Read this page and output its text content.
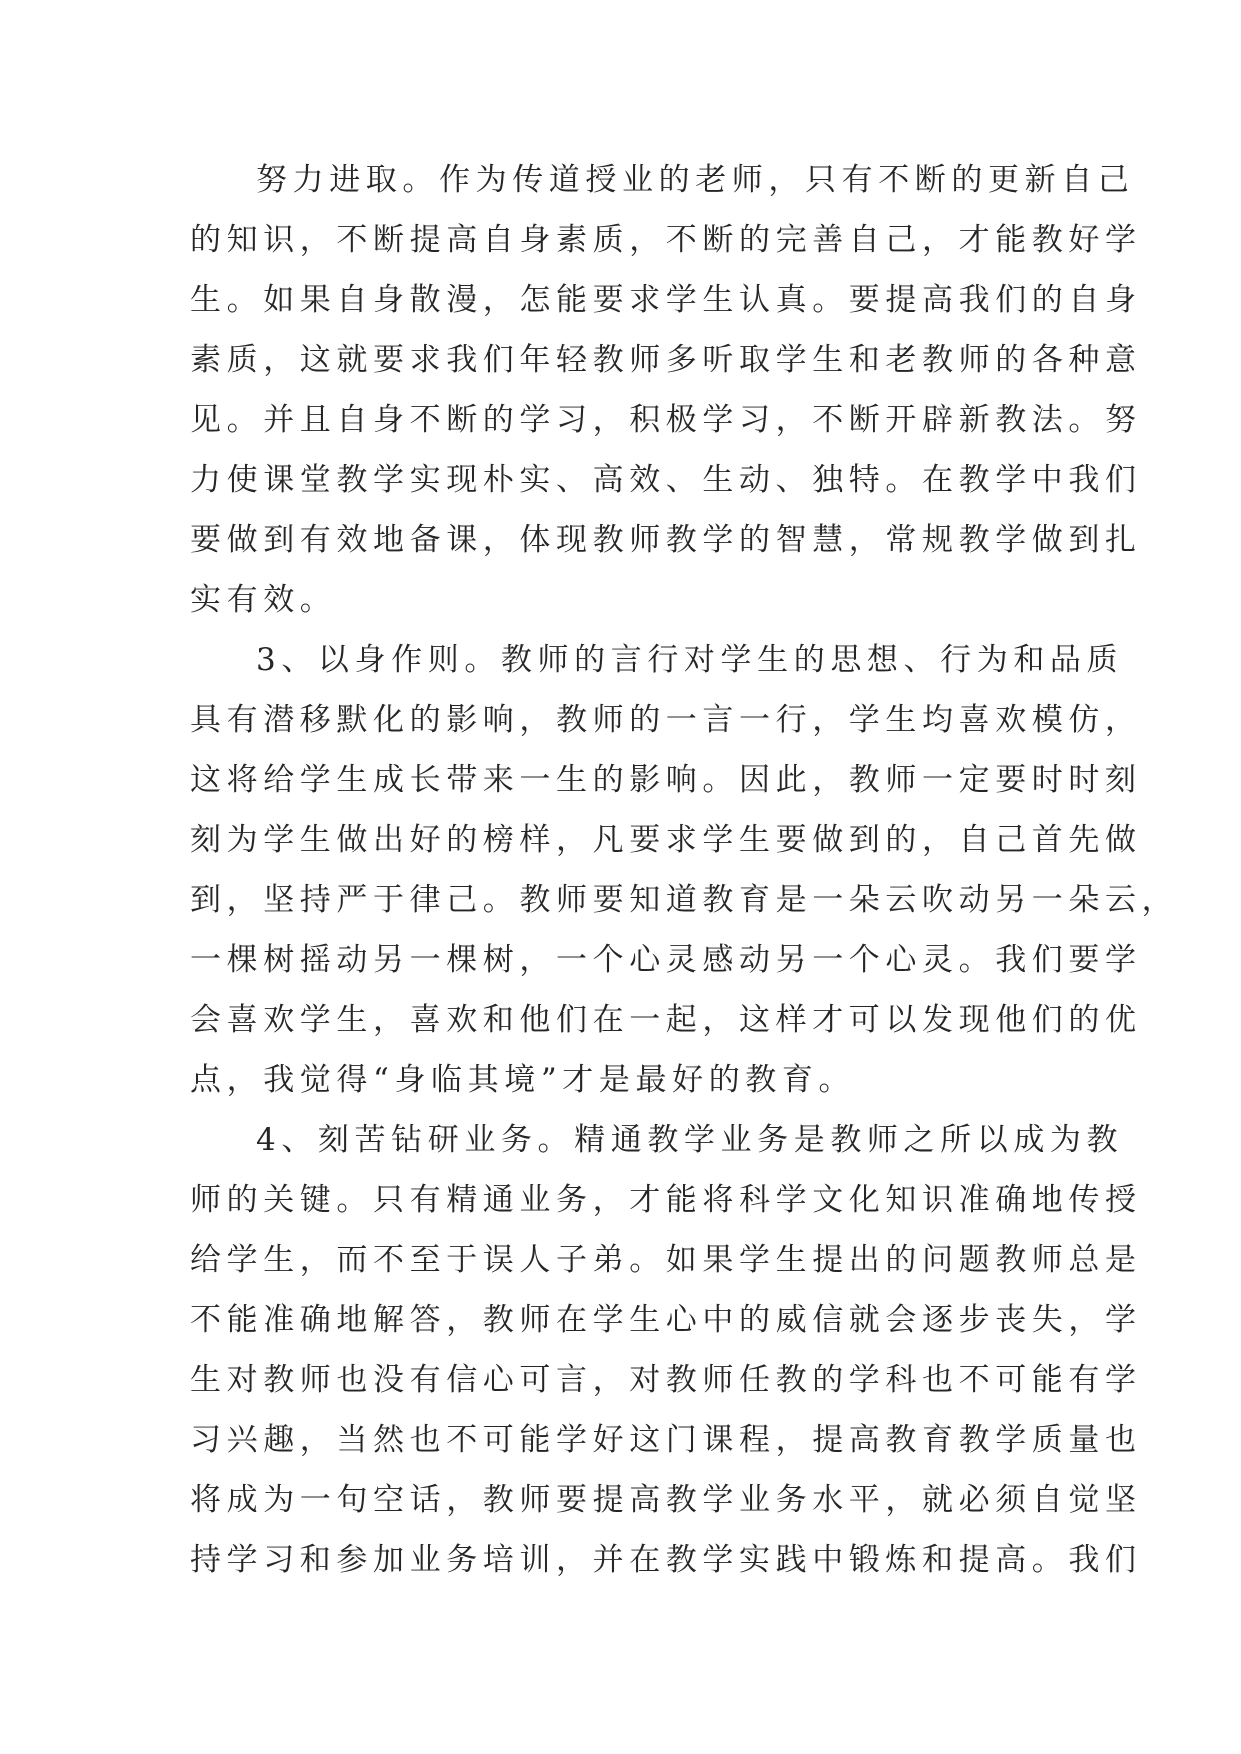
努力进取。作为传道授业的老师，只有不断的更新自己
的知识，不断提高自身素质，不断的完善自己，才能教好学
生。如果自身散漫，怎能要求学生认真。要提高我们的自身
素质，这就要求我们年轻教师多听取学生和老教师的各种意
见。并且自身不断的学习，积极学习，不断开辟新教法。努
力使课堂教学实现朴实、高效、生动、独特。在教学中我们
要做到有效地备课，体现教师教学的智慧，常规教学做到扎
实有效。
3、以身作则。教师的言行对学生的思想、行为和品质
具有潜移默化的影响，教师的一言一行，学生均喜欢模仿，
这将给学生成长带来一生的影响。因此，教师一定要时时刻
刻为学生做出好的榜样，凡要求学生要做到的，自己首先做
到，坚持严于律己。教师要知道教育是一朵云吹动另一朵云，
一棵树摇动另一棵树，一个心灵感动另一个心灵。我们要学
会喜欢学生，喜欢和他们在一起，这样才可以发现他们的优
点，我觉得“身临其境”才是最好的教育。
4、刻苦钻研业务。精通教学业务是教师之所以成为教
师的关键。只有精通业务，才能将科学文化知识准确地传授
给学生，而不至于误人子弟。如果学生提出的问题教师总是
不能准确地解答，教师在学生心中的威信就会逐步丧失，学
生对教师也没有信心可言，对教师任教的学科也不可能有学
习兴趣，当然也不可能学好这门课程，提高教育教学质量也
将成为一句空话，教师要提高教学业务水平，就必须自觉坚
持学习和参加业务培训，并在教学实践中锻炼和提高。我们
